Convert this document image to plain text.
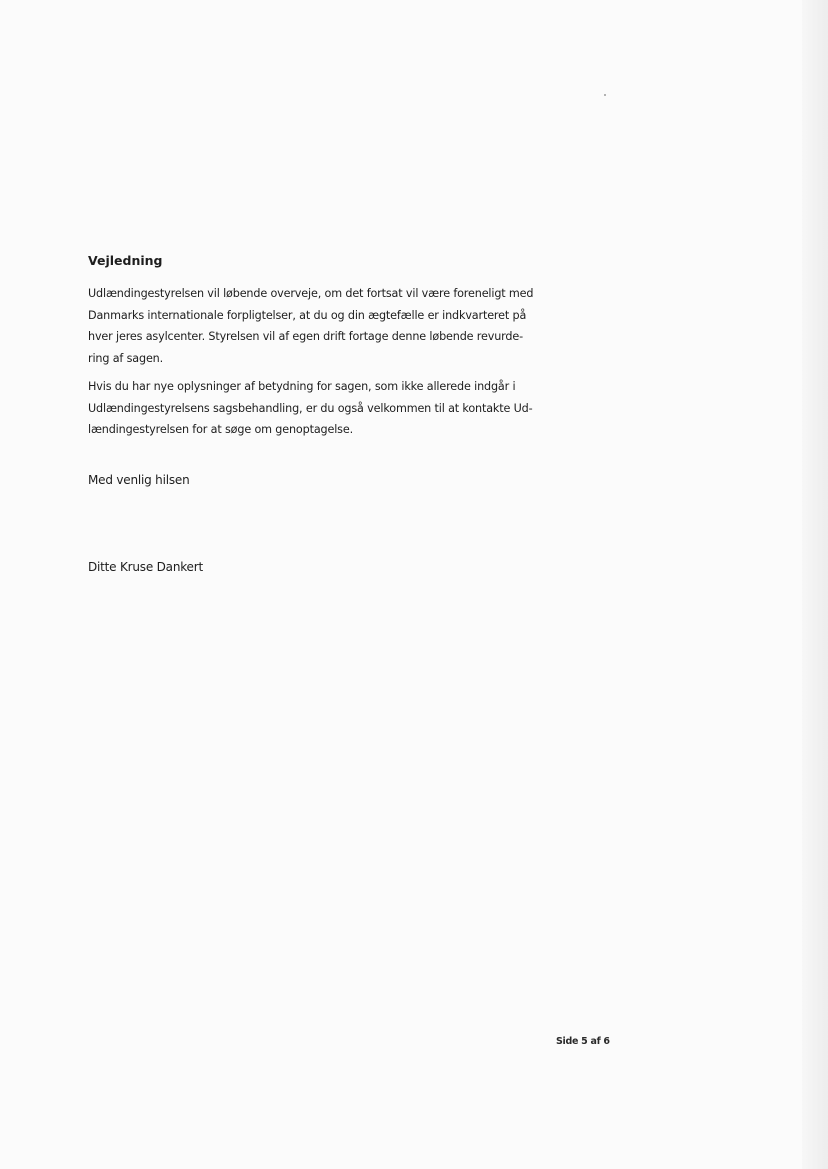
Vejledning

Udlændingestyrelsen vil løbende overveje, om det fortsat vil være foreneligt med
Danmarks internationale forpligtelser, at du og din ægtefælle er indkvarteret på
hver jeres asylcenter. Styrelsen vil af egen drift fortage denne løbende revurde-
ring af sagen.

Hvis du har nye oplysninger af betydning for sagen, som ikke allerede indgår i
Udlændingestyrelsens sagsbehandling, er du også velkommen til at kontakte Ud-
lændingestyrelsen for at søge om genoptagelse.

Med venlig hilsen
Ditte Kruse Dankert
Side 5 af 6
